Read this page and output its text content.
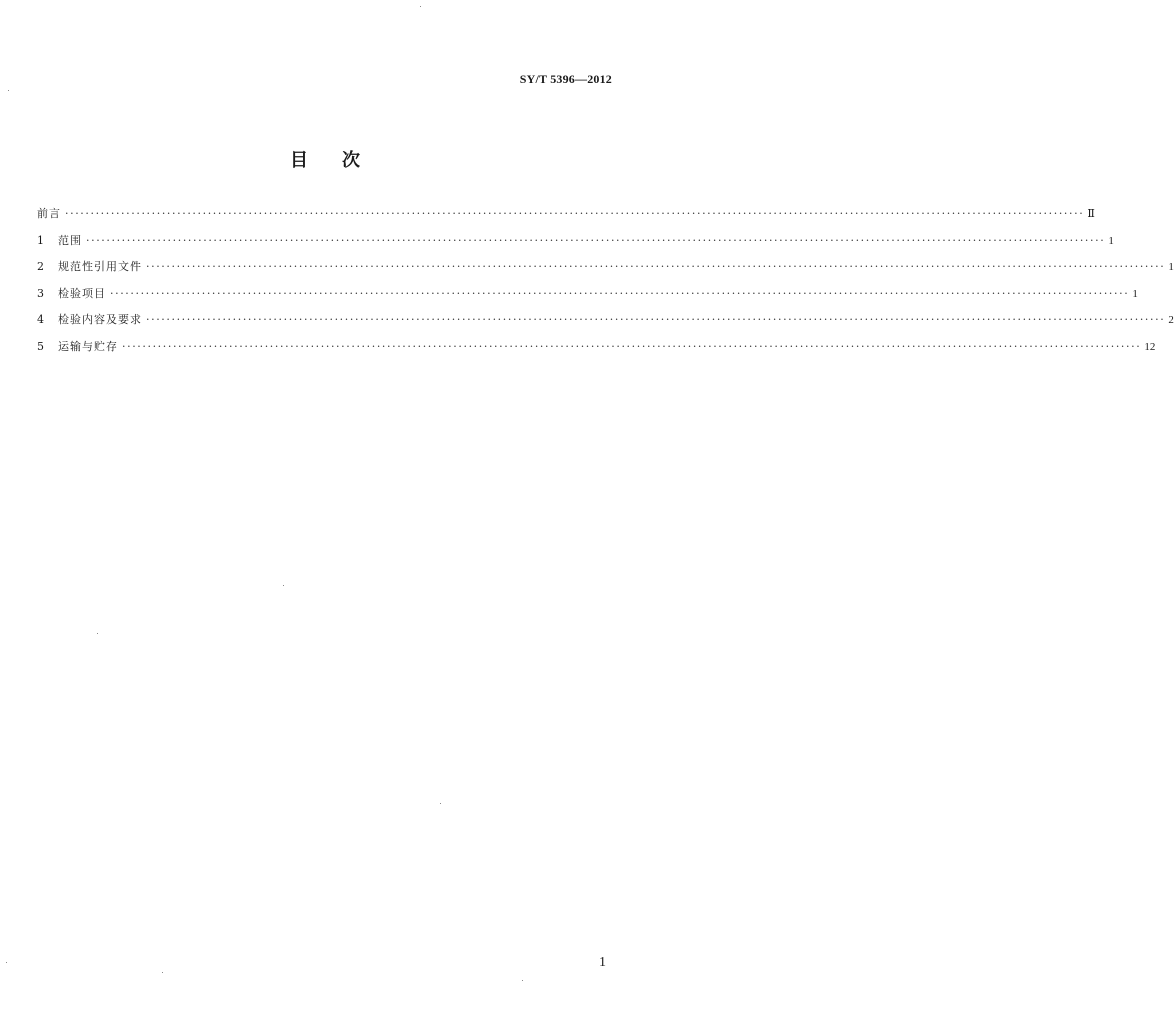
SY/T 5396—2012
目次
前言 ········································································································································································································ Ⅱ
1	范围 ········································································································································································································ 1
2	规范性引用文件 ········································································································································································································ 1
3	检验项目 ········································································································································································································ 1
4	检验内容及要求 ········································································································································································································ 2
5	运输与贮存 ········································································································································································································ 12
1
